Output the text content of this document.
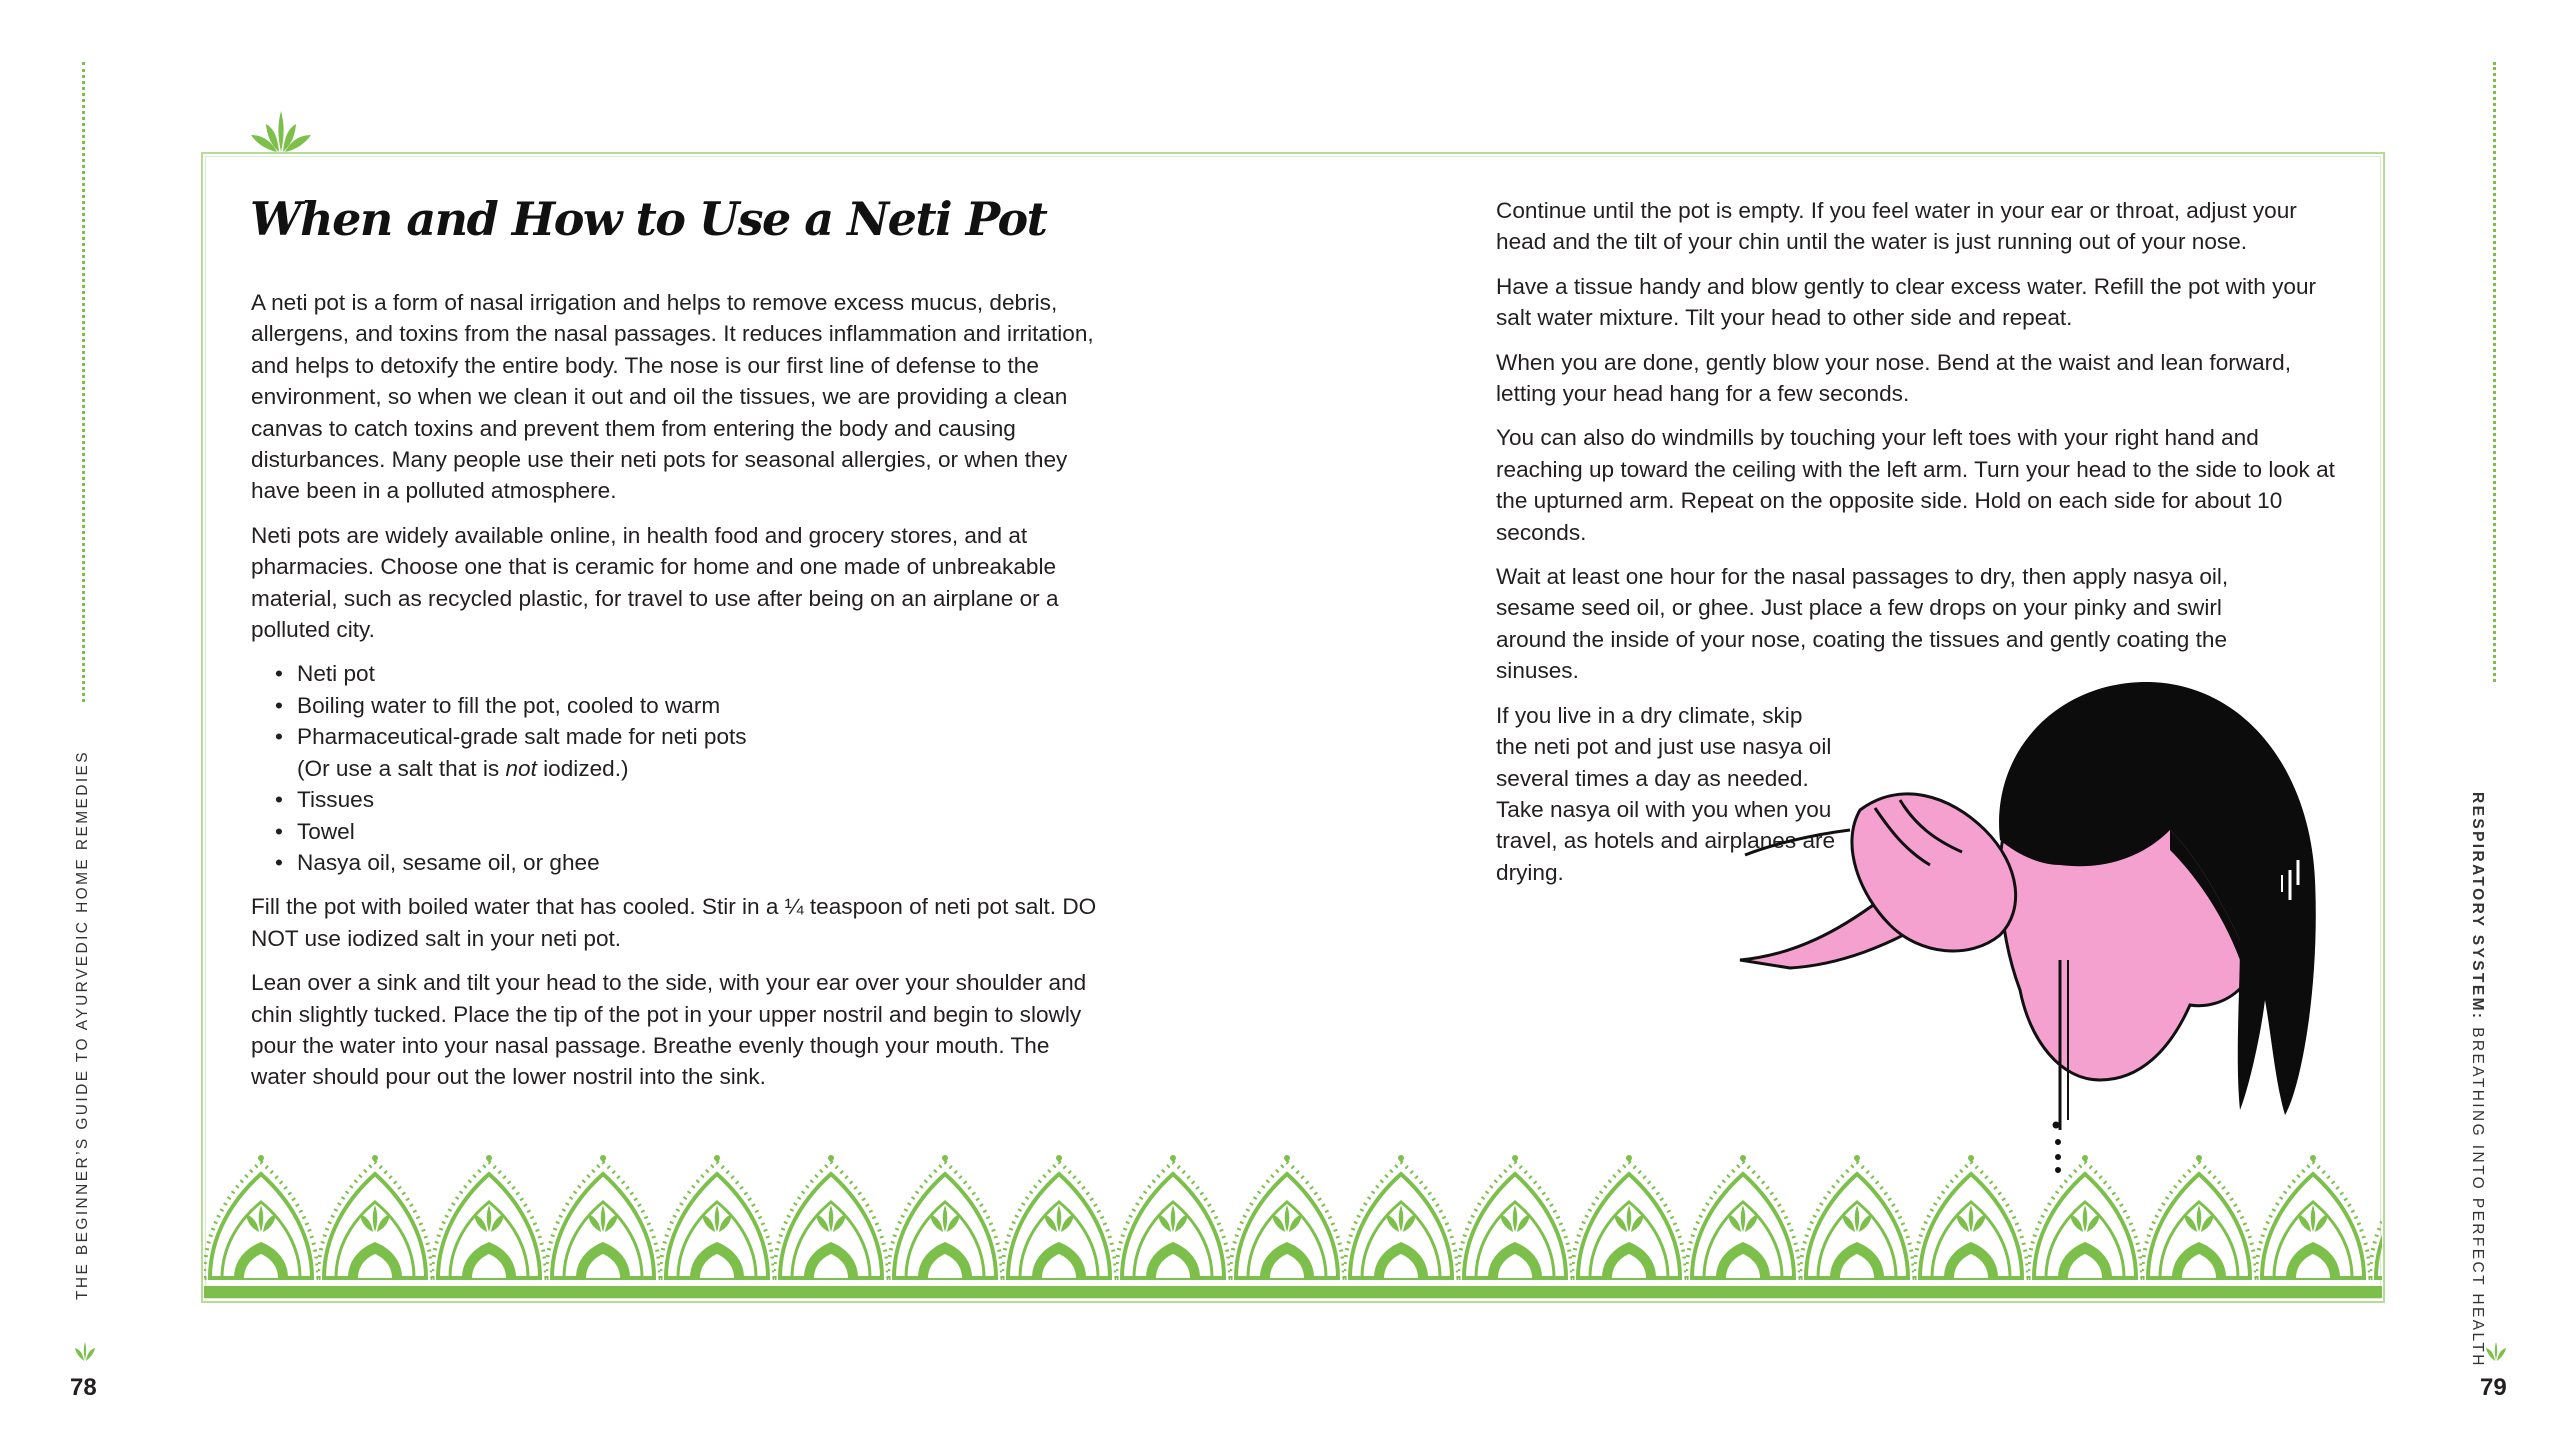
THE BEGINNER’S GUIDE TO AYURVEDIC HOME REMEDIES
78
RESPIRATORY SYSTEM: BREATHING INTO PERFECT HEALTH
79
When and How to Use a Neti Pot

A neti pot is a form of nasal irrigation and helps to remove excess mucus, debris, allergens, and toxins from the nasal passages. It reduces inflammation and irritation, and helps to detoxify the entire body. The nose is our first line of defense to the environment, so when we clean it out and oil the tissues, we are providing a clean canvas to catch toxins and prevent them from entering the body and causing disturbances. Many people use their neti pots for seasonal allergies, or when they have been in a polluted atmosphere.

Neti pots are widely available online, in health food and grocery stores, and at pharmacies. Choose one that is ceramic for home and one made of unbreakable material, such as recycled plastic, for travel to use after being on an airplane or a polluted city.

• Neti pot
• Boiling water to fill the pot, cooled to warm
• Pharmaceutical-grade salt made for neti pots
(Or use a salt that is not iodized.)
• Tissues
• Towel
• Nasya oil, sesame oil, or ghee

Fill the pot with boiled water that has cooled. Stir in a ¼ teaspoon of neti pot salt. DO NOT use iodized salt in your neti pot.

Lean over a sink and tilt your head to the side, with your ear over your shoulder and chin slightly tucked. Place the tip of the pot in your upper nostril and begin to slowly pour the water into your nasal passage. Breathe evenly though your mouth. The water should pour out the lower nostril into the sink.

Continue until the pot is empty. If you feel water in your ear or throat, adjust your head and the tilt of your chin until the water is just running out of your nose.

Have a tissue handy and blow gently to clear excess water. Refill the pot with your salt water mixture. Tilt your head to other side and repeat.

When you are done, gently blow your nose. Bend at the waist and lean forward, letting your head hang for a few seconds.

You can also do windmills by touching your left toes with your right hand and reaching up toward the ceiling with the left arm. Turn your head to the side to look at the upturned arm. Repeat on the opposite side. Hold on each side for about 10 seconds.

Wait at least one hour for the nasal passages to dry, then apply nasya oil, sesame seed oil, or ghee. Just place a few drops on your pinky and swirl around the inside of your nose, coating the tissues and gently coating the sinuses.

If you live in a dry climate, skip the neti pot and just use nasya oil several times a day as needed. Take nasya oil with you when you travel, as hotels and airplanes are drying.
